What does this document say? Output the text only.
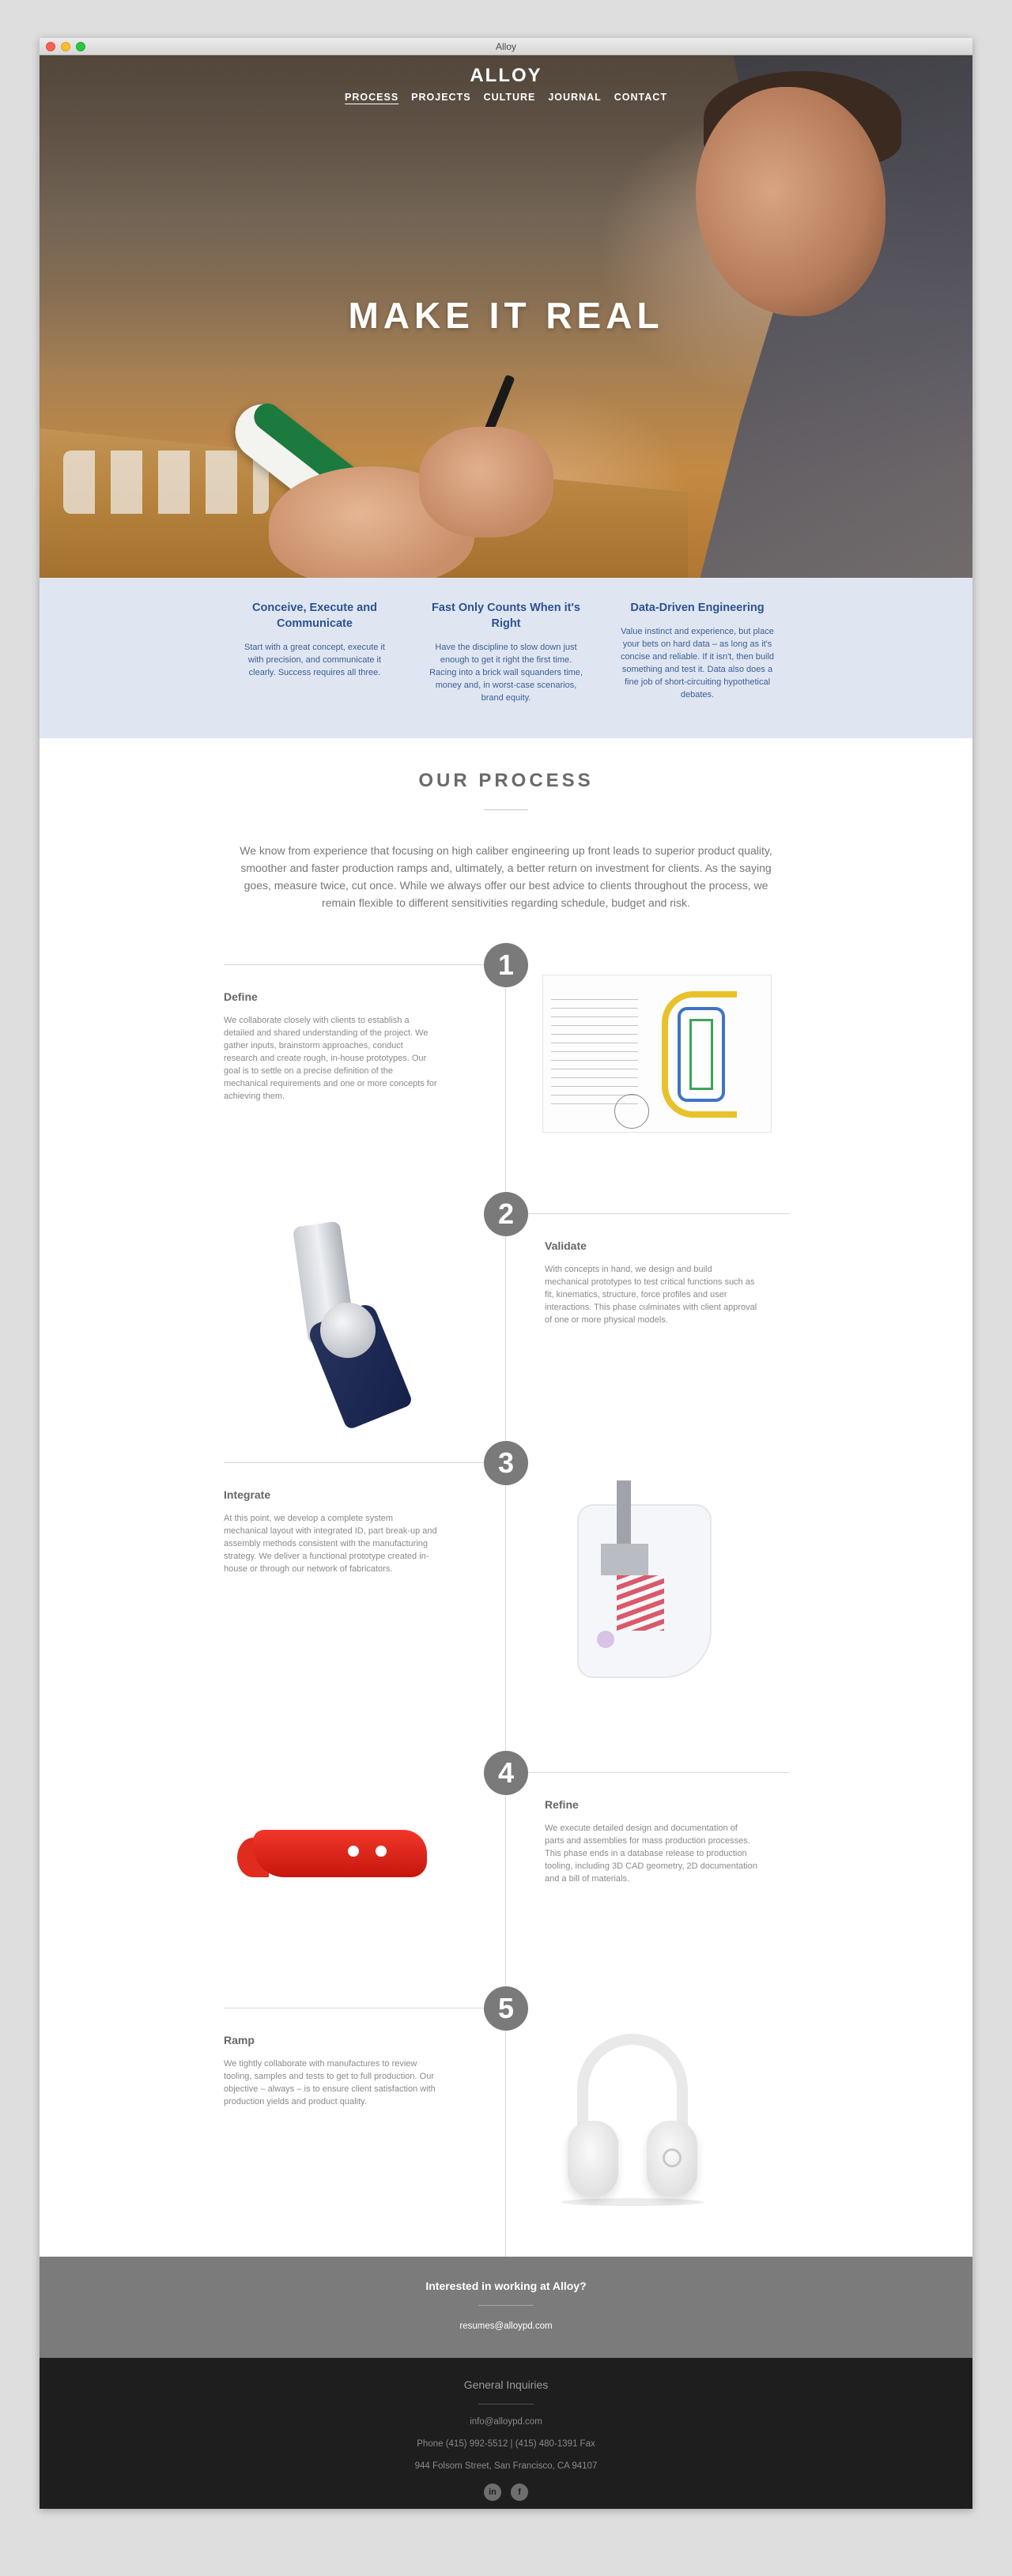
Alloy
ALLOY
PROCESS PROJECTS CULTURE JOURNAL CONTACT
MAKE IT REAL
Conceive, Execute and Communicate

Start with a great concept, execute it with precision, and communicate it clearly. Success requires all three.

Fast Only Counts When it's Right

Have the discipline to slow down just enough to get it right the first time. Racing into a brick wall squanders time, money and, in worst-case scenarios, brand equity.

Data-Driven Engineering

Value instinct and experience, but place your bets on hard data – as long as it's concise and reliable. If it isn't, then build something and test it. Data also does a fine job of short-circuiting hypothetical debates.

OUR PROCESS

We know from experience that focusing on high caliber engineering up front leads to superior product quality, smoother and faster production ramps and, ultimately, a better return on investment for clients. As the saying goes, measure twice, cut once. While we always offer our best advice to clients throughout the process, we remain flexible to different sensitivities regarding schedule, budget and risk.

1
Define

We collaborate closely with clients to establish a detailed and shared understanding of the project. We gather inputs, brainstorm approaches, conduct research and create rough, in-house prototypes. Our goal is to settle on a precise definition of the mechanical requirements and one or more concepts for achieving them.

2
Validate

With concepts in hand, we design and build mechanical prototypes to test critical functions such as fit, kinematics, structure, force profiles and user interactions. This phase culminates with client approval of one or more physical models.

3
Integrate

At this point, we develop a complete system mechanical layout with integrated ID, part break-up and assembly methods consistent with the manufacturing strategy. We deliver a functional prototype created in-house or through our network of fabricators.

4
Refine

We execute detailed design and documentation of parts and assemblies for mass production processes. This phase ends in a database release to production tooling, including 3D CAD geometry, 2D documentation and a bill of materials.

5
Ramp

We tightly collaborate with manufactures to review tooling, samples and tests to get to full production. Our objective – always – is to ensure client satisfaction with production yields and product quality.

Interested in working at Alloy?
resumes@alloypd.com
General Inquiries
info@alloypd.com
Phone (415) 992-5512 | (415) 480-1391 Fax
944 Folsom Street, San Francisco, CA 94107
in	f
